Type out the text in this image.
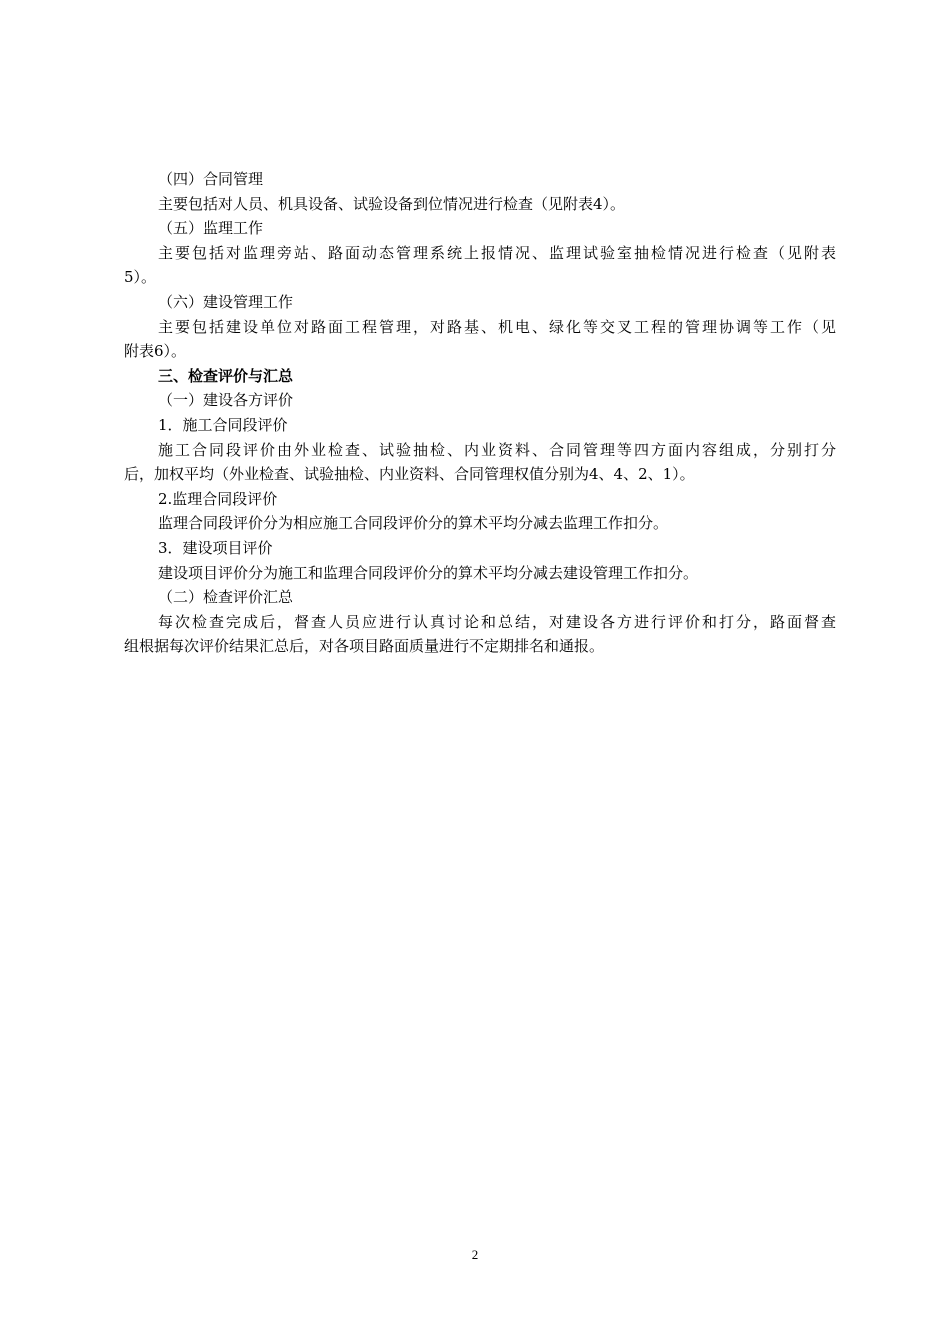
（四）合同管理
主要包括对人员、机具设备、试验设备到位情况进行检查（见附表4）。
（五）监理工作
主要包括对监理旁站、路面动态管理系统上报情况、监理试验室抽检情况进行检查（见附表
5）。
（六）建设管理工作
主要包括建设单位对路面工程管理，对路基、机电、绿化等交叉工程的管理协调等工作（见
附表6）。
三、检查评价与汇总
（一）建设各方评价
1．施工合同段评价
施工合同段评价由外业检查、试验抽检、内业资料、合同管理等四方面内容组成，分别打分
后，加权平均（外业检查、试验抽检、内业资料、合同管理权值分别为4、4、2、1）。
2.监理合同段评价
监理合同段评价分为相应施工合同段评价分的算术平均分减去监理工作扣分。
3．建设项目评价
建设项目评价分为施工和监理合同段评价分的算术平均分减去建设管理工作扣分。
（二）检查评价汇总
每次检查完成后，督查人员应进行认真讨论和总结，对建设各方进行评价和打分，路面督查
组根据每次评价结果汇总后，对各项目路面质量进行不定期排名和通报。
2
